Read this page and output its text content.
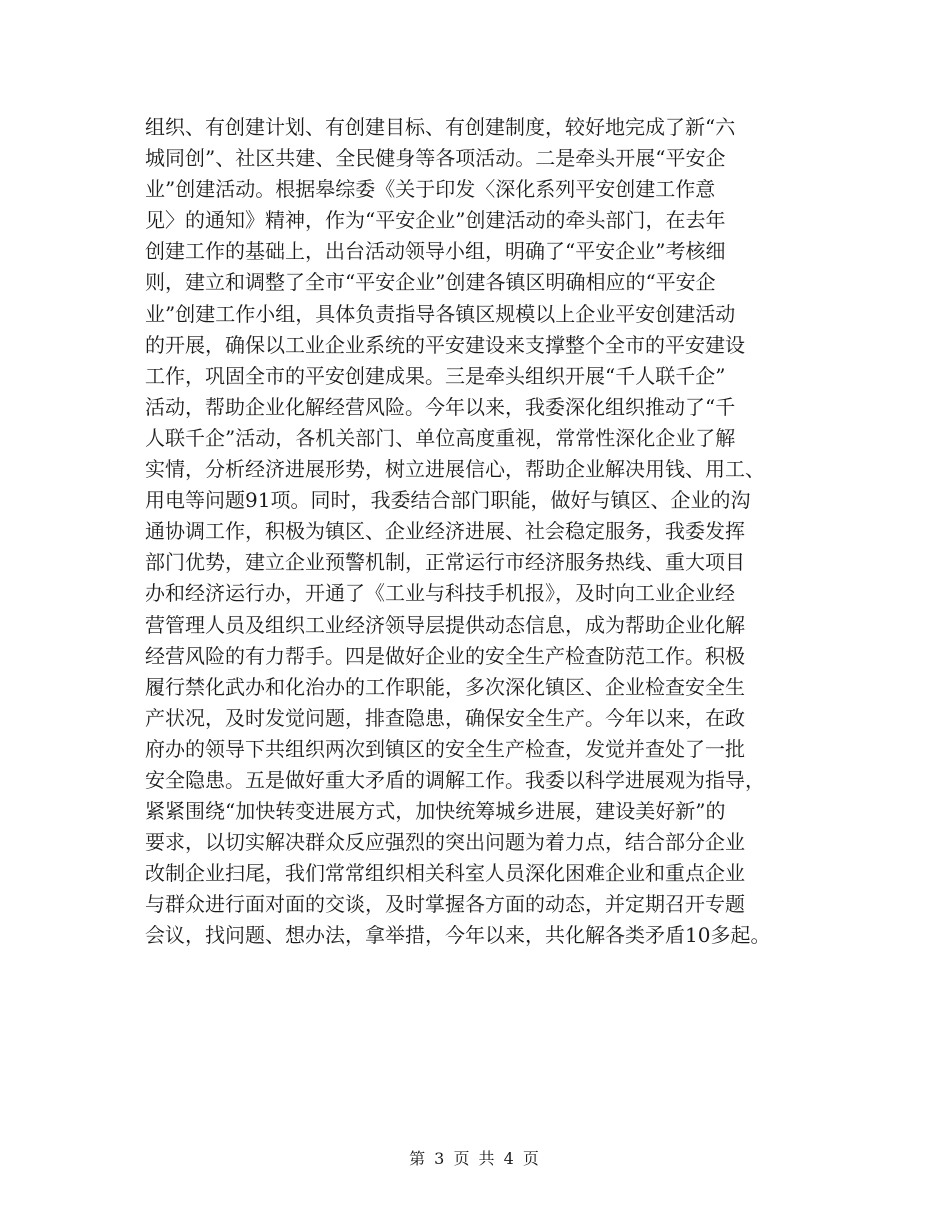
组织、有创建计划、有创建目标、有创建制度，较好地完成了新“六
城同创”、社区共建、全民健身等各项活动。二是牵头开展“平安企
业”创建活动。根据皋综委《关于印发〈深化系列平安创建工作意
见〉的通知》精神，作为“平安企业”创建活动的牵头部门，在去年
创建工作的基础上，出台活动领导小组，明确了“平安企业”考核细
则，建立和调整了全市“平安企业”创建各镇区明确相应的“平安企
业”创建工作小组，具体负责指导各镇区规模以上企业平安创建活动
的开展，确保以工业企业系统的平安建设来支撑整个全市的平安建设
工作，巩固全市的平安创建成果。三是牵头组织开展“千人联千企”
活动，帮助企业化解经营风险。今年以来，我委深化组织推动了“千
人联千企”活动，各机关部门、单位高度重视，常常性深化企业了解
实情，分析经济进展形势，树立进展信心，帮助企业解决用钱、用工、
用电等问题91项。同时，我委结合部门职能，做好与镇区、企业的沟
通协调工作，积极为镇区、企业经济进展、社会稳定服务，我委发挥
部门优势，建立企业预警机制，正常运行市经济服务热线、重大项目
办和经济运行办，开通了《工业与科技手机报》，及时向工业企业经
营管理人员及组织工业经济领导层提供动态信息，成为帮助企业化解
经营风险的有力帮手。四是做好企业的安全生产检查防范工作。积极
履行禁化武办和化治办的工作职能，多次深化镇区、企业检查安全生
产状况，及时发觉问题，排查隐患，确保安全生产。今年以来，在政
府办的领导下共组织两次到镇区的安全生产检查，发觉并查处了一批
安全隐患。五是做好重大矛盾的调解工作。我委以科学进展观为指导，
紧紧围绕“加快转变进展方式，加快统筹城乡进展，建设美好新”的
要求，以切实解决群众反应强烈的突出问题为着力点，结合部分企业
改制企业扫尾，我们常常组织相关科室人员深化困难企业和重点企业
与群众进行面对面的交谈，及时掌握各方面的动态，并定期召开专题
会议，找问题、想办法，拿举措，今年以来，共化解各类矛盾10多起。
第 3 页 共 4 页
